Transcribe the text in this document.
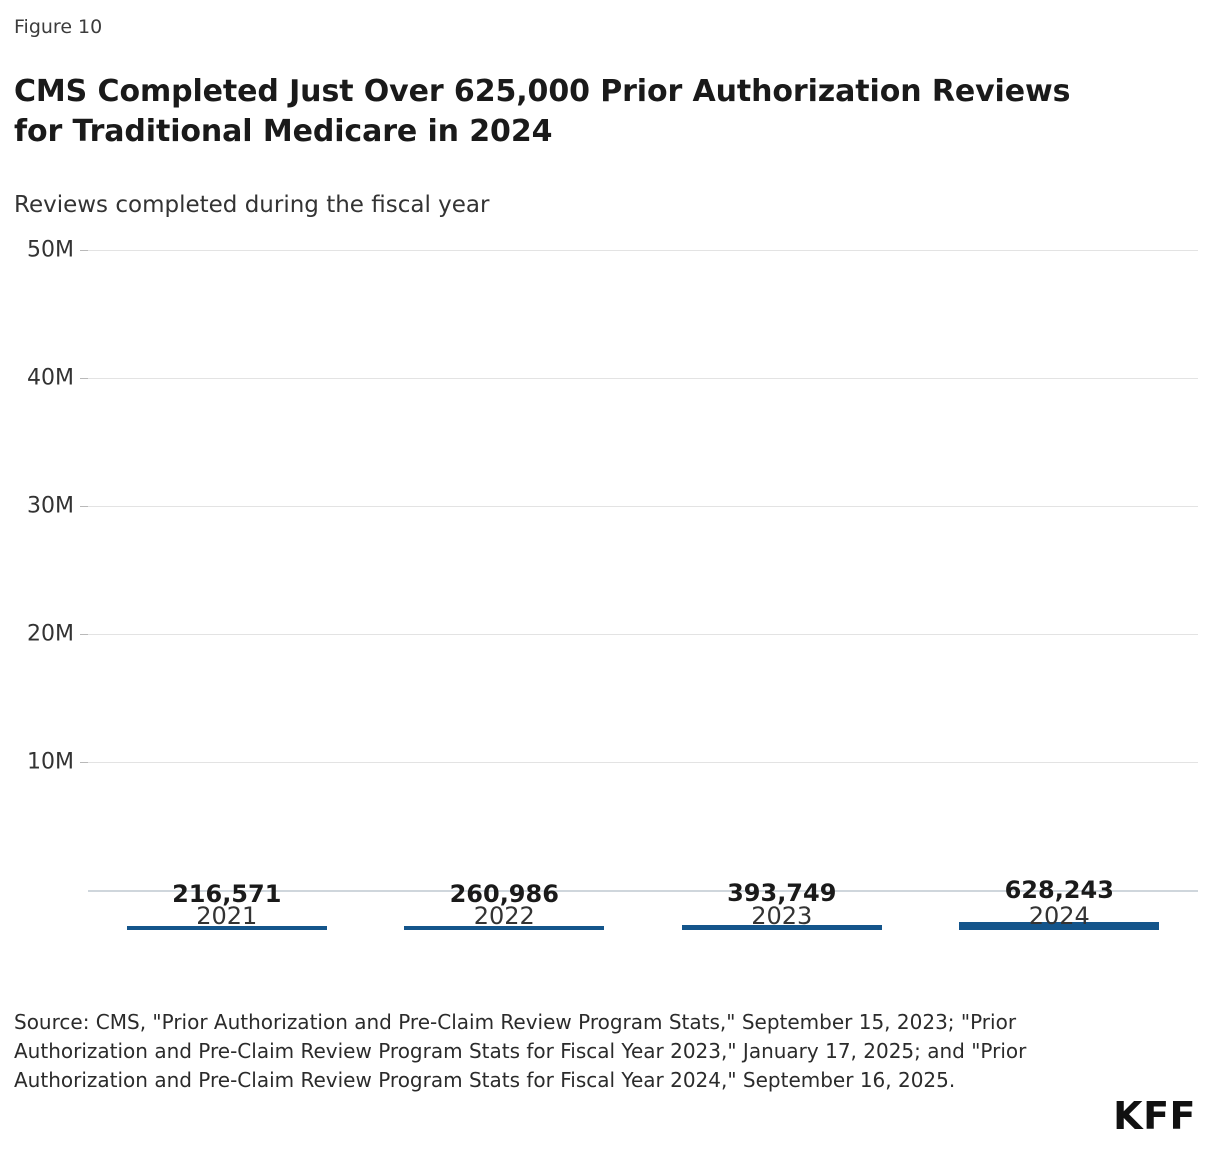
Figure 10
CMS Completed Just Over 625,000 Prior Authorization Reviews for Traditional Medicare in 2024
Reviews completed during the fiscal year
10M
20M
30M
40M
50M
216,571	260,986	393,749	628,243
2021	2022	2023	2024
Source: CMS, "Prior Authorization and Pre-Claim Review Program Stats," September 15, 2023; "Prior Authorization and Pre-Claim Review Program Stats for Fiscal Year 2023," January 17, 2025; and "Prior Authorization and Pre-Claim Review Program Stats for Fiscal Year 2024," September 16, 2025.
KFF
